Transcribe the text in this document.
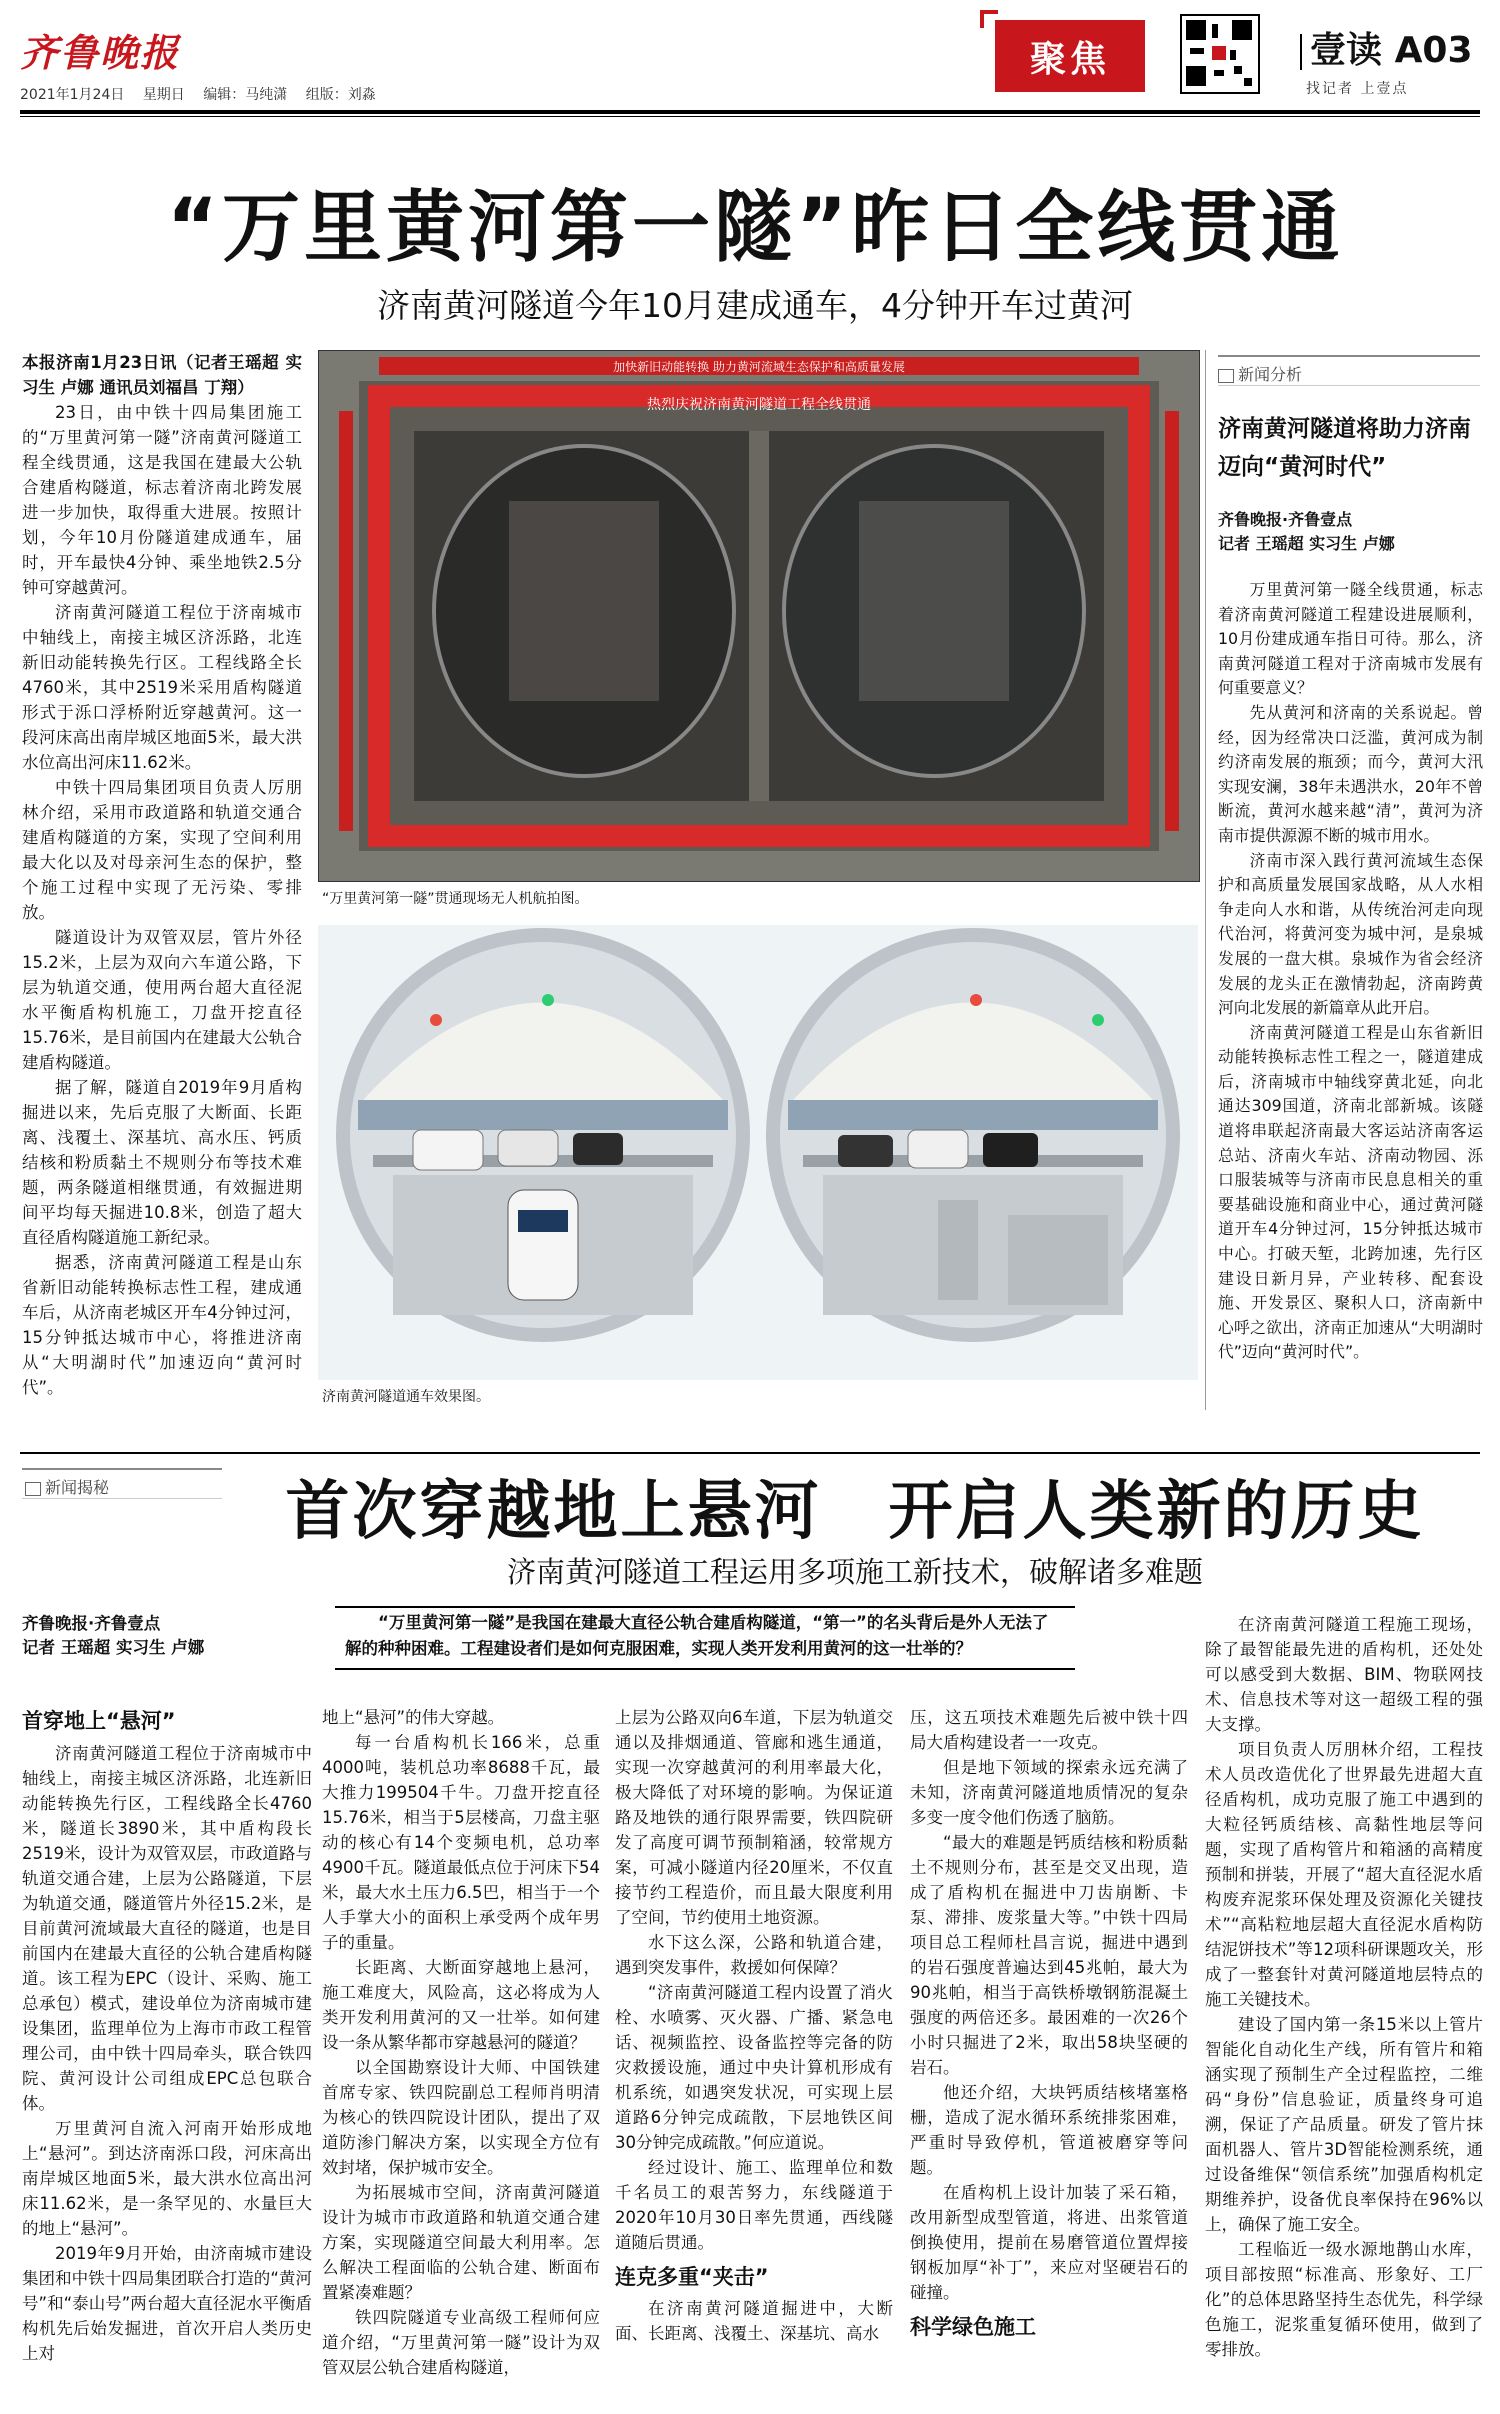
齐鲁晚报
2021年1月24日 星期日 编辑：马纯潇 组版：刘淼
聚焦	壹读 A03
找记者 上壹点
“万里黄河第一隧”昨日全线贯通
济南黄河隧道今年10月建成通车，4分钟开车过黄河

本报济南1月23日讯（记者王瑶超 实习生 卢娜 通讯员刘福昌 丁翔）

23日，由中铁十四局集团施工的“万里黄河第一隧”济南黄河隧道工程全线贯通，这是我国在建最大公轨合建盾构隧道，标志着济南北跨发展进一步加快，取得重大进展。按照计划，今年10月份隧道建成通车，届时，开车最快4分钟、乘坐地铁2.5分钟可穿越黄河。

济南黄河隧道工程位于济南城市中轴线上，南接主城区济泺路，北连新旧动能转换先行区。工程线路全长4760米，其中2519米采用盾构隧道形式于泺口浮桥附近穿越黄河。这一段河床高出南岸城区地面5米，最大洪水位高出河床11.62米。

中铁十四局集团项目负责人厉朋林介绍，采用市政道路和轨道交通合建盾构隧道的方案，实现了空间利用最大化以及对母亲河生态的保护，整个施工过程中实现了无污染、零排放。

隧道设计为双管双层，管片外径15.2米，上层为双向六车道公路，下层为轨道交通，使用两台超大直径泥水平衡盾构机施工，刀盘开挖直径15.76米，是目前国内在建最大公轨合建盾构隧道。

据了解，隧道自2019年9月盾构掘进以来，先后克服了大断面、长距离、浅覆土、深基坑、高水压、钙质结核和粉质黏土不规则分布等技术难题，两条隧道相继贯通，有效掘进期间平均每天掘进10.8米，创造了超大直径盾构隧道施工新纪录。

据悉，济南黄河隧道工程是山东省新旧动能转换标志性工程，建成通车后，从济南老城区开车4分钟过河，15分钟抵达城市中心，将推进济南从“大明湖时代”加速迈向“黄河时代”。

加快新旧动能转换 助力黄河流域生态保护和高质量发展
热烈庆祝济南黄河隧道工程全线贯通
“万里黄河第一隧”贯通现场无人机航拍图。
济南黄河隧道通车效果图。
新闻分析
济南黄河隧道将助力济南迈向“黄河时代”
齐鲁晚报·齐鲁壹点
记者 王瑶超 实习生 卢娜

万里黄河第一隧全线贯通，标志着济南黄河隧道工程建设进展顺利，10月份建成通车指日可待。那么，济南黄河隧道工程对于济南城市发展有何重要意义？

先从黄河和济南的关系说起。曾经，因为经常决口泛滥，黄河成为制约济南发展的瓶颈；而今，黄河大汛实现安澜，38年未遇洪水，20年不曾断流，黄河水越来越“清”，黄河为济南市提供源源不断的城市用水。

济南市深入践行黄河流域生态保护和高质量发展国家战略，从人水相争走向人水和谐，从传统治河走向现代治河，将黄河变为城中河，是泉城发展的一盘大棋。泉城作为省会经济发展的龙头正在激情勃起，济南跨黄河向北发展的新篇章从此开启。

济南黄河隧道工程是山东省新旧动能转换标志性工程之一，隧道建成后，济南城市中轴线穿黄北延，向北通达309国道，济南北部新城。该隧道将串联起济南最大客运站济南客运总站、济南火车站、济南动物园、泺口服装城等与济南市民息息相关的重要基础设施和商业中心，通过黄河隧道开车4分钟过河，15分钟抵达城市中心。打破天堑，北跨加速，先行区建设日新月异，产业转移、配套设施、开发景区、聚积人口，济南新中心呼之欲出，济南正加速从“大明湖时代”迈向“黄河时代”。

新闻揭秘	首次穿越地上悬河　开启人类新的历史
济南黄河隧道工程运用多项施工新技术，破解诸多难题
齐鲁晚报·齐鲁壹点
记者 王瑶超 实习生 卢娜
“万里黄河第一隧”是我国在建最大直径公轨合建盾构隧道，“第一”的名头背后是外人无法了解的种种困难。工程建设者们是如何克服困难，实现人类开发利用黄河的这一壮举的？
首穿地上“悬河”

济南黄河隧道工程位于济南城市中轴线上，南接主城区济泺路，北连新旧动能转换先行区，工程线路全长4760米，隧道长3890米，其中盾构段长2519米，设计为双管双层，市政道路与轨道交通合建，上层为公路隧道，下层为轨道交通，隧道管片外径15.2米，是目前黄河流域最大直径的隧道，也是目前国内在建最大直径的公轨合建盾构隧道。该工程为EPC（设计、采购、施工总承包）模式，建设单位为济南城市建设集团，监理单位为上海市市政工程管理公司，由中铁十四局牵头，联合铁四院、黄河设计公司组成EPC总包联合体。

万里黄河自流入河南开始形成地上“悬河”。到达济南泺口段，河床高出南岸城区地面5米，最大洪水位高出河床11.62米，是一条罕见的、水量巨大的地上“悬河”。

2019年9月开始，由济南城市建设集团和中铁十四局集团联合打造的“黄河号”和“泰山号”两台超大直径泥水平衡盾构机先后始发掘进，首次开启人类历史上对

地上“悬河”的伟大穿越。

每一台盾构机长166米，总重4000吨，装机总功率8688千瓦，最大推力199504千牛。刀盘开挖直径15.76米，相当于5层楼高，刀盘主驱动的核心有14个变频电机，总功率4900千瓦。隧道最低点位于河床下54米，最大水土压力6.5巴，相当于一个人手掌大小的面积上承受两个成年男子的重量。

长距离、大断面穿越地上悬河，施工难度大，风险高，这必将成为人类开发利用黄河的又一壮举。如何建设一条从繁华都市穿越悬河的隧道？

以全国勘察设计大师、中国铁建首席专家、铁四院副总工程师肖明清为核心的铁四院设计团队，提出了双道防渗门解决方案，以实现全方位有效封堵，保护城市安全。

为拓展城市空间，济南黄河隧道设计为城市市政道路和轨道交通合建方案，实现隧道空间最大利用率。怎么解决工程面临的公轨合建、断面布置紧凑难题？

铁四院隧道专业高级工程师何应道介绍，“万里黄河第一隧”设计为双管双层公轨合建盾构隧道，

上层为公路双向6车道，下层为轨道交通以及排烟通道、管廊和逃生通道，实现一次穿越黄河的利用率最大化，极大降低了对环境的影响。为保证道路及地铁的通行限界需要，铁四院研发了高度可调节预制箱涵，较常规方案，可减小隧道内径20厘米，不仅直接节约工程造价，而且最大限度利用了空间，节约使用土地资源。

水下这么深，公路和轨道合建，遇到突发事件，救援如何保障？

“济南黄河隧道工程内设置了消火栓、水喷雾、灭火器、广播、紧急电话、视频监控、设备监控等完备的防灾救援设施，通过中央计算机形成有机系统，如遇突发状况，可实现上层道路6分钟完成疏散，下层地铁区间30分钟完成疏散。”何应道说。

经过设计、施工、监理单位和数千名员工的艰苦努力，东线隧道于2020年10月30日率先贯通，西线隧道随后贯通。

连克多重“夹击”

在济南黄河隧道掘进中，大断面、长距离、浅覆土、深基坑、高水

压，这五项技术难题先后被中铁十四局大盾构建设者一一攻克。

但是地下领域的探索永远充满了未知，济南黄河隧道地质情况的复杂多变一度令他们伤透了脑筋。

“最大的难题是钙质结核和粉质黏土不规则分布，甚至是交叉出现，造成了盾构机在掘进中刀齿崩断、卡泵、滞排、废浆量大等。”中铁十四局项目总工程师杜昌言说，掘进中遇到的岩石强度普遍达到45兆帕，最大为90兆帕，相当于高铁桥墩钢筋混凝土强度的两倍还多。最困难的一次26个小时只掘进了2米，取出58块坚硬的岩石。

他还介绍，大块钙质结核堵塞格栅，造成了泥水循环系统排浆困难，严重时导致停机，管道被磨穿等问题。

在盾构机上设计加装了采石箱，改用新型成型管道，将进、出浆管道倒换使用，提前在易磨管道位置焊接钢板加厚“补丁”，来应对坚硬岩石的碰撞。

科学绿色施工

在济南黄河隧道工程施工现场，除了最智能最先进的盾构机，还处处可以感受到大数据、BIM、物联网技术、信息技术等对这一超级工程的强大支撑。

项目负责人厉朋林介绍，工程技术人员改造优化了世界最先进超大直径盾构机，成功克服了施工中遇到的大粒径钙质结核、高黏性地层等问题，实现了盾构管片和箱涵的高精度预制和拼装，开展了“超大直径泥水盾构废弃泥浆环保处理及资源化关键技术”“高粘粒地层超大直径泥水盾构防结泥饼技术”等12项科研课题攻关，形成了一整套针对黄河隧道地层特点的施工关键技术。

建设了国内第一条15米以上管片智能化自动化生产线，所有管片和箱涵实现了预制生产全过程监控，二维码“身份”信息验证，质量终身可追溯，保证了产品质量。研发了管片抹面机器人、管片3D智能检测系统，通过设备维保“领信系统”加强盾构机定期维养护，设备优良率保持在96%以上，确保了施工安全。

工程临近一级水源地鹊山水库，项目部按照“标准高、形象好、工厂化”的总体思路坚持生态优先，科学绿色施工，泥浆重复循环使用，做到了零排放。
